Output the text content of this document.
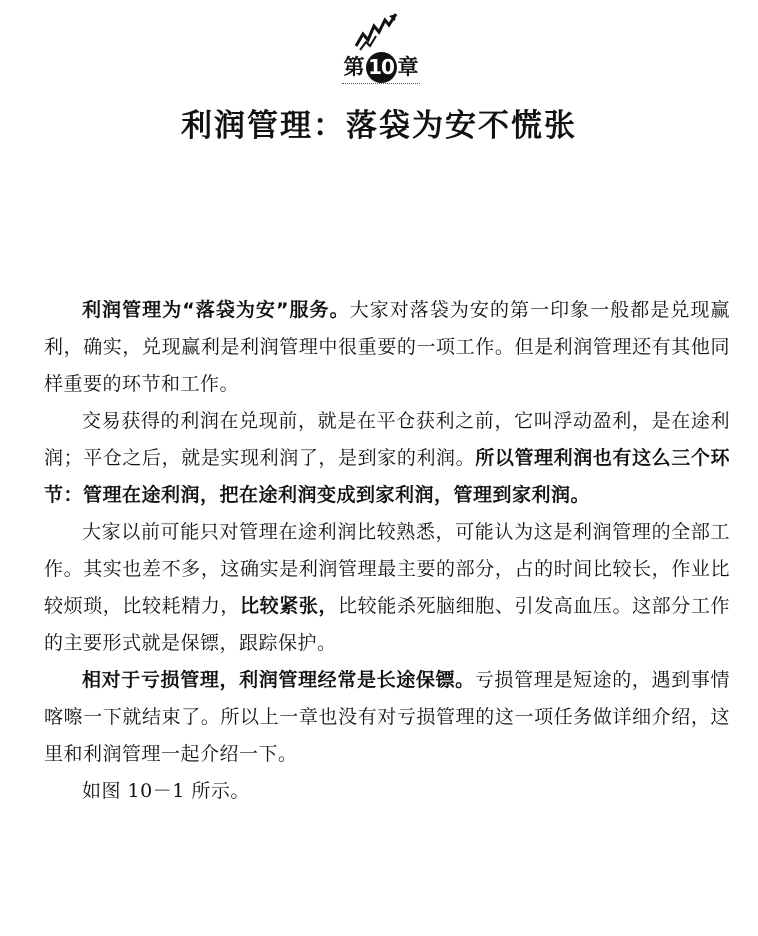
第 10 章
利润管理：落袋为安不慌张

利润管理为“落袋为安”服务。大家对落袋为安的第一印象一般都是兑现赢利，确实，兑现赢利是利润管理中很重要的一项工作。但是利润管理还有其他同样重要的环节和工作。

交易获得的利润在兑现前，就是在平仓获利之前，它叫浮动盈利，是在途利润；平仓之后，就是实现利润了，是到家的利润。所以管理利润也有这么三个环节：管理在途利润，把在途利润变成到家利润，管理到家利润。

大家以前可能只对管理在途利润比较熟悉，可能认为这是利润管理的全部工作。其实也差不多，这确实是利润管理最主要的部分，占的时间比较长，作业比较烦琐，比较耗精力，比较紧张，比较能杀死脑细胞、引发高血压。这部分工作的主要形式就是保镖，跟踪保护。

相对于亏损管理，利润管理经常是长途保镖。亏损管理是短途的，遇到事情喀嚓一下就结束了。所以上一章也没有对亏损管理的这一项任务做详细介绍，这里和利润管理一起介绍一下。

如图 10－1 所示。
